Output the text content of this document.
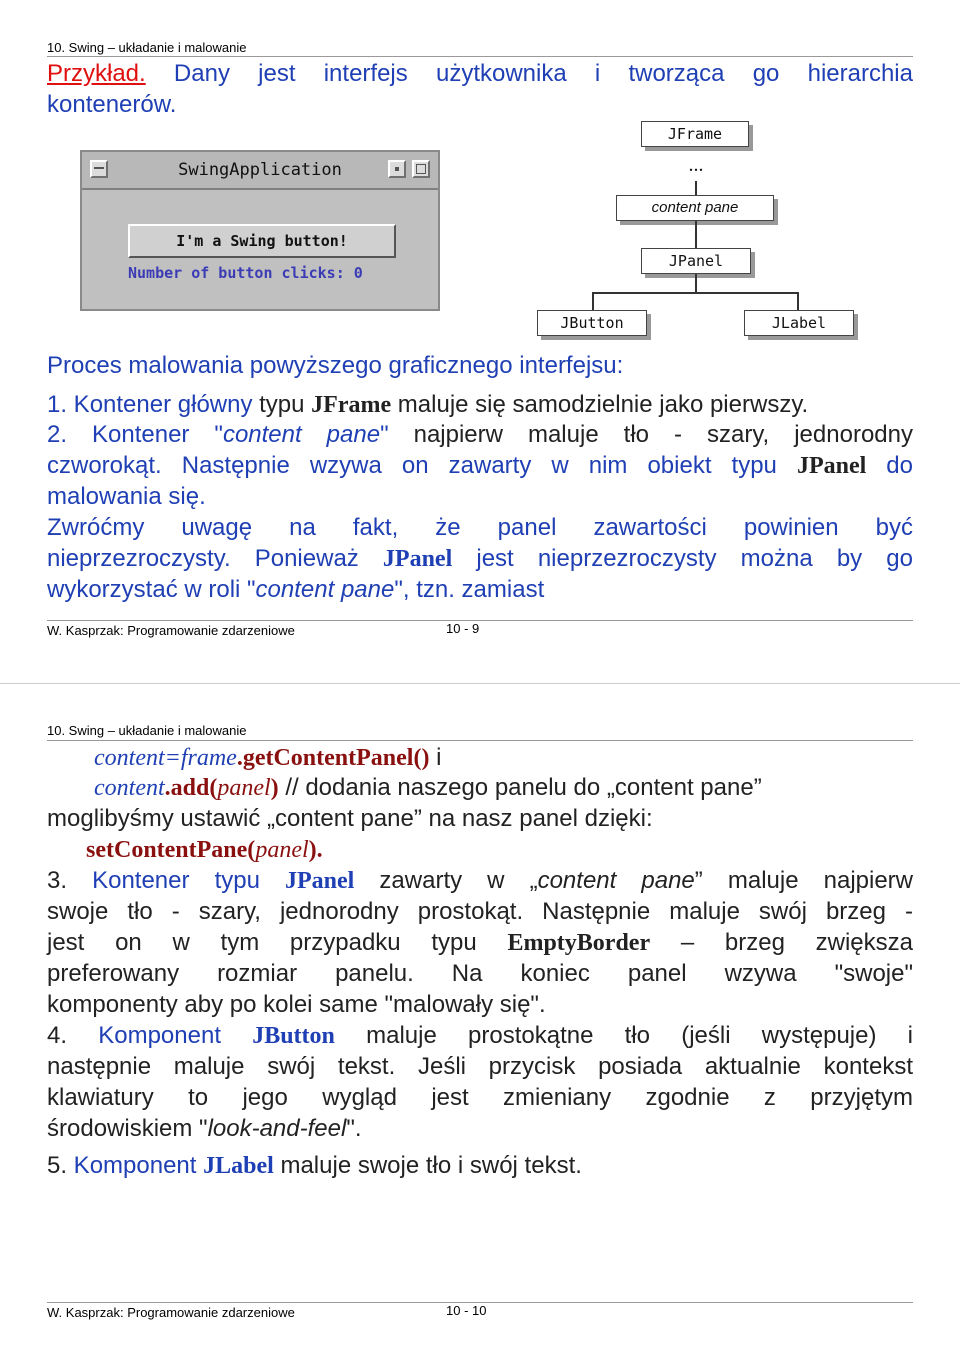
10. Swing – układanie i malowanie
Przykład. Dany jest interfejs użytkownika i tworząca go hierarchia
kontenerów.
SwingApplication
I'm a Swing button!
Number of button clicks: 0
JFrame
...
content pane
JPanel
JButton	JLabel
Proces malowania powyższego graficznego interfejsu:
1. Kontener główny typu JFrame maluje się samodzielnie jako pierwszy.
2. Kontener "content pane" najpierw maluje tło - szary, jednorodny
czworokąt. Następnie wzywa on zawarty w nim obiekt typu JPanel do
malowania się.
Zwróćmy uwagę na fakt, że panel zawartości powinien być
nieprzezroczysty. Ponieważ JPanel jest nieprzezroczysty można by go
wykorzystać w roli "content pane", tzn. zamiast
W. Kasprzak: Programowanie zdarzeniowe	10 - 9
10. Swing – układanie i malowanie
content=frame.getContentPanel() i
content.add(panel) // dodania naszego panelu do „content pane”
moglibyśmy ustawić „content pane” na nasz panel dzięki:
setContentPane(panel).
3. Kontener typu JPanel zawarty w „content pane” maluje najpierw
swoje tło - szary, jednorodny prostokąt. Następnie maluje swój brzeg -
jest on w tym przypadku typu EmptyBorder – brzeg zwiększa
preferowany rozmiar panelu. Na koniec panel wzywa "swoje"
komponenty aby po kolei same "malowały się".
4. Komponent JButton maluje prostokątne tło (jeśli występuje) i
następnie maluje swój tekst. Jeśli przycisk posiada aktualnie kontekst
klawiatury to jego wygląd jest zmieniany zgodnie z przyjętym
środowiskiem "look-and-feel".
5. Komponent JLabel maluje swoje tło i swój tekst.
W. Kasprzak: Programowanie zdarzeniowe	10 - 10
